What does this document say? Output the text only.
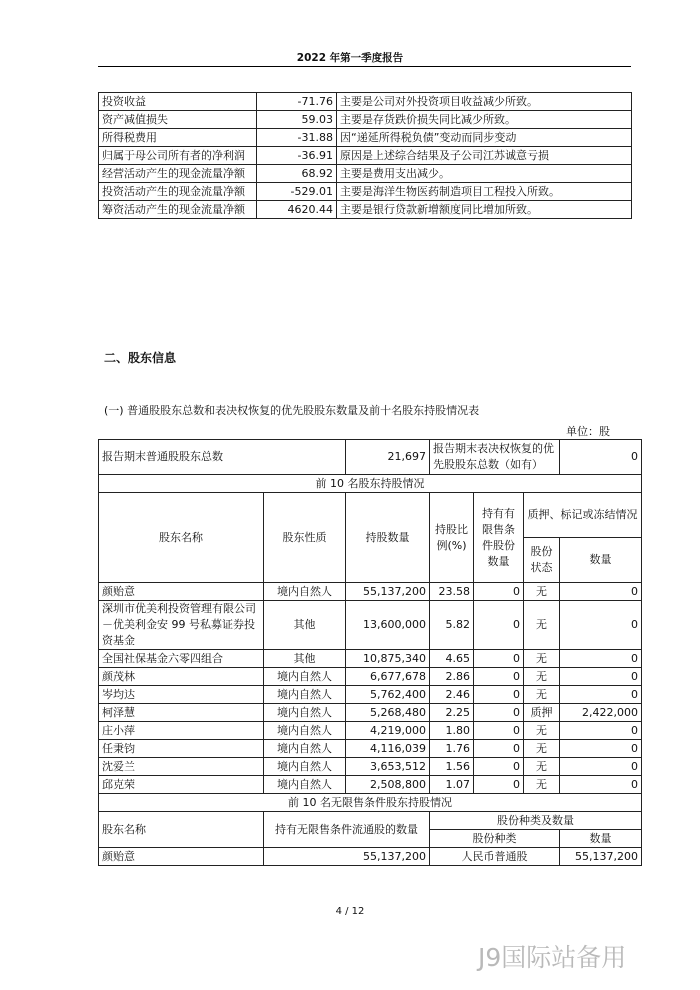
2022 年第一季度报告
投资收益	-71.76	主要是公司对外投资项目收益减少所致。
资产减值损失	59.03	主要是存货跌价损失同比减少所致。
所得税费用	-31.88	因“递延所得税负债”变动而同步变动
归属于母公司所有者的净利润	-36.91	原因是上述综合结果及子公司江苏诚意亏损
经营活动产生的现金流量净额	68.92	主要是费用支出减少。
投资活动产生的现金流量净额	-529.01	主要是海洋生物医药制造项目工程投入所致。
筹资活动产生的现金流量净额	4620.44	主要是银行贷款新增额度同比增加所致。
二、股东信息
(一) 普通股股东总数和表决权恢复的优先股股东数量及前十名股东持股情况表
单位：股
报告期末普通股股东总数		21,697	报告期末表决权恢复的优先股股东总数（如有）			0
前 10 名股东持股情况						
股东名称	股东性质	持股数量	持股比例(%)	持有有限售条件股份数量	质押、标记或冻结情况	
					股份状态	数量
颜贻意	境内自然人	55,137,200	23.58	0	无	0
深圳市优美利投资管理有限公司－优美利金安 99 号私募证券投资基金	其他	13,600,000	5.82	0	无	0
全国社保基金六零四组合	其他	10,875,340	4.65	0	无	0
颜茂林	境内自然人	6,677,678	2.86	0	无	0
岑均达	境内自然人	5,762,400	2.46	0	无	0
柯泽慧	境内自然人	5,268,480	2.25	0	质押	2,422,000
庄小萍	境内自然人	4,219,000	1.80	0	无	0
任秉钧	境内自然人	4,116,039	1.76	0	无	0
沈爱兰	境内自然人	3,653,512	1.56	0	无	0
邱克荣	境内自然人	2,508,800	1.07	0	无	0
前 10 名无限售条件股东持股情况						
股东名称	持有无限售条件流通股的数量		股份种类及数量			
			股份种类			数量
颜贻意	55,137,200		人民币普通股			55,137,200
4 / 12
J9国际站备用
